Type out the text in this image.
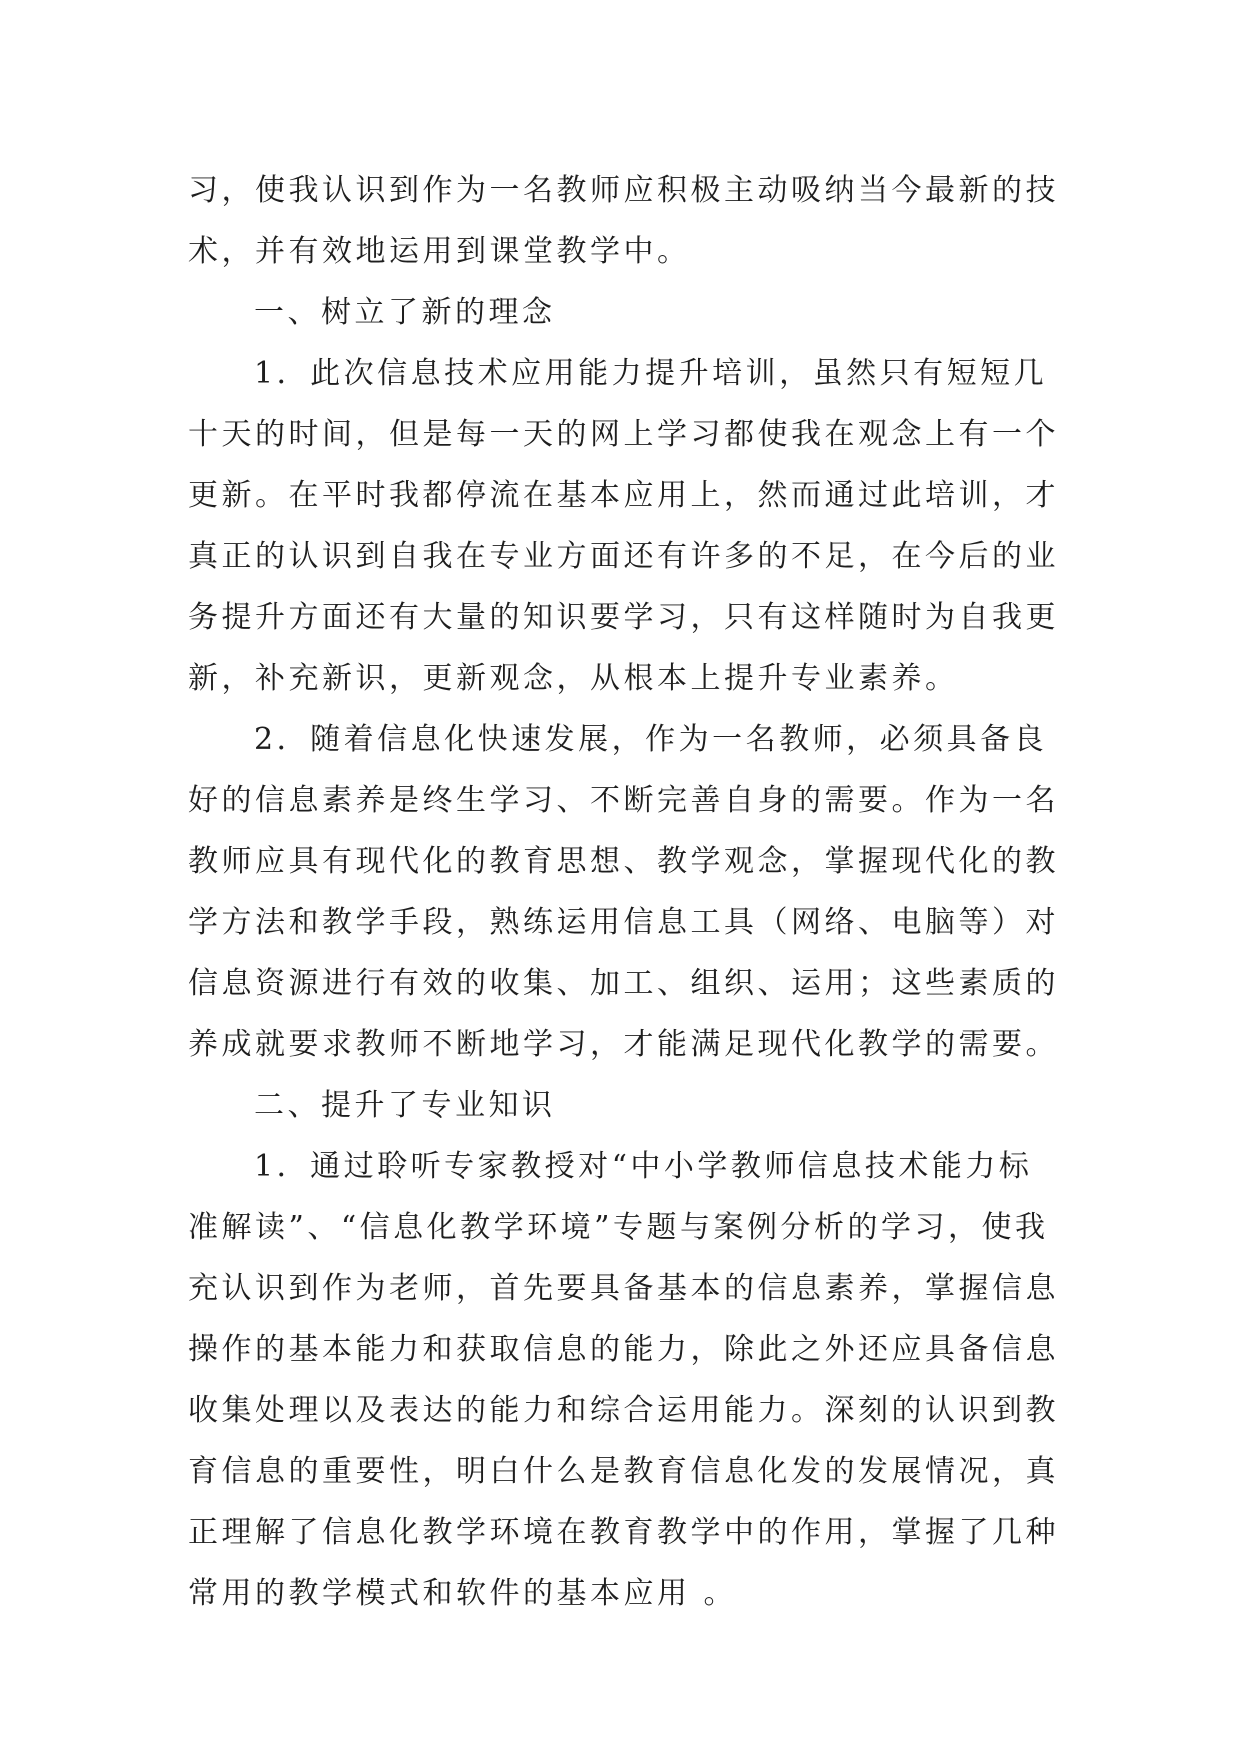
习，使我认识到作为一名教师应积极主动吸纳当今最新的技
术，并有效地运用到课堂教学中。
一、树立了新的理念
1．此次信息技术应用能力提升培训，虽然只有短短几
十天的时间，但是每一天的网上学习都使我在观念上有一个
更新。在平时我都停流在基本应用上，然而通过此培训，才
真正的认识到自我在专业方面还有许多的不足，在今后的业
务提升方面还有大量的知识要学习，只有这样随时为自我更
新，补充新识，更新观念，从根本上提升专业素养。
2．随着信息化快速发展，作为一名教师，必须具备良
好的信息素养是终生学习、不断完善自身的需要。作为一名
教师应具有现代化的教育思想、教学观念，掌握现代化的教
学方法和教学手段，熟练运用信息工具（网络、电脑等）对
信息资源进行有效的收集、加工、组织、运用；这些素质的
养成就要求教师不断地学习，才能满足现代化教学的需要。
二、提升了专业知识
1．通过聆听专家教授对“中小学教师信息技术能力标
准解读”、“信息化教学环境”专题与案例分析的学习，使我
充认识到作为老师，首先要具备基本的信息素养，掌握信息
操作的基本能力和获取信息的能力，除此之外还应具备信息
收集处理以及表达的能力和综合运用能力。深刻的认识到教
育信息的重要性，明白什么是教育信息化发的发展情况，真
正理解了信息化教学环境在教育教学中的作用，掌握了几种
常用的教学模式和软件的基本应用 。
